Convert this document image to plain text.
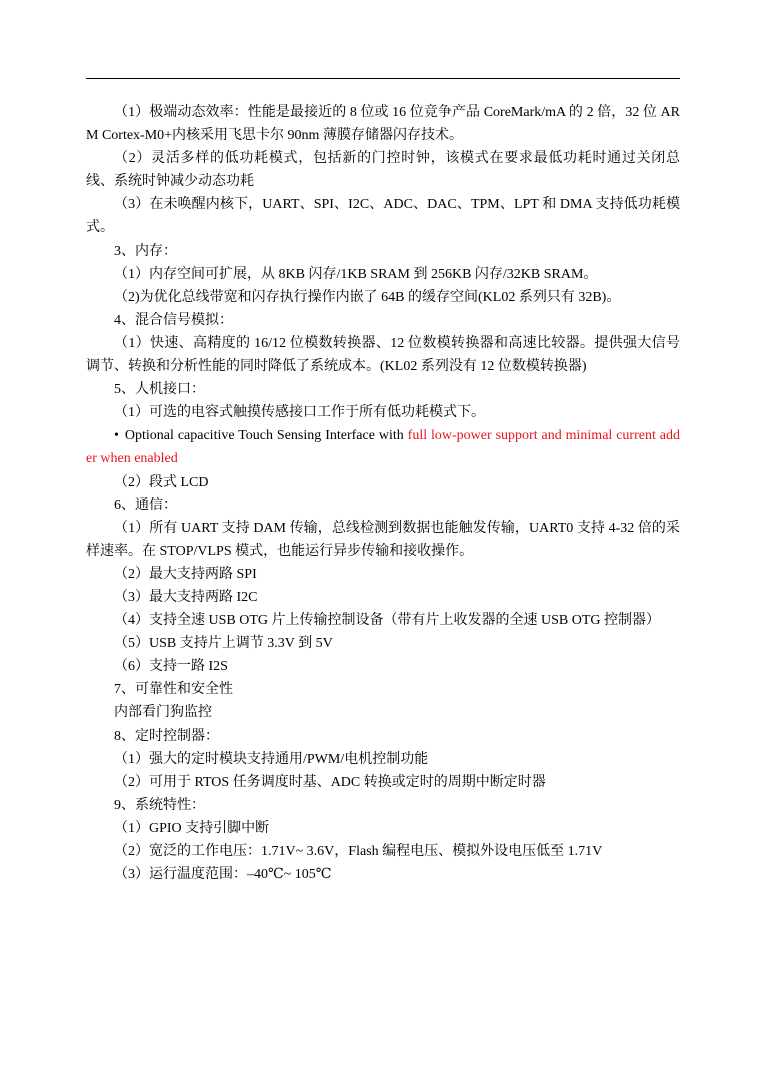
（1）极端动态效率：性能是最接近的 8 位或 16 位竞争产品 CoreMark/mA 的 2 倍，32 位 ARM Cortex-M0+内核采用飞思卡尔 90nm 薄膜存储器闪存技术。

（2）灵活多样的低功耗模式，包括新的门控时钟，该模式在要求最低功耗时通过关闭总线、系统时钟减少动态功耗

（3）在未唤醒内核下，UART、SPI、I2C、ADC、DAC、TPM、LPT 和 DMA 支持低功耗模式。

3、内存：

（1）内存空间可扩展，从 8KB 闪存/1KB SRAM 到 256KB 闪存/32KB SRAM。

（2)为优化总线带宽和闪存执行操作内嵌了 64B 的缓存空间(KL02 系列只有 32B)。

4、混合信号模拟：

（1）快速、高精度的 16/12 位模数转换器、12 位数模转换器和高速比较器。提供强大信号调节、转换和分析性能的同时降低了系统成本。(KL02 系列没有 12 位数模转换器)

5、人机接口：

（1）可选的电容式触摸传感接口工作于所有低功耗模式下。

• Optional capacitive Touch Sensing Interface with full low-power support and minimal current adder when enabled

（2）段式 LCD

6、通信：

（1）所有 UART 支持 DAM 传输，总线检测到数据也能触发传输，UART0 支持 4-32 倍的采样速率。在 STOP/VLPS 模式，也能运行异步传输和接收操作。

（2）最大支持两路 SPI

（3）最大支持两路 I2C

（4）支持全速 USB OTG 片上传输控制设备（带有片上收发器的全速 USB OTG 控制器）

（5）USB 支持片上调节 3.3V 到 5V

（6）支持一路 I2S

7、可靠性和安全性

内部看门狗监控

8、定时控制器：

（1）强大的定时模块支持通用/PWM/电机控制功能

（2）可用于 RTOS 任务调度时基、ADC 转换或定时的周期中断定时器

9、系统特性：

（1）GPIO 支持引脚中断

（2）宽泛的工作电压：1.71V~ 3.6V，Flash 编程电压、模拟外设电压低至 1.71V

（3）运行温度范围：–40℃~ 105℃
